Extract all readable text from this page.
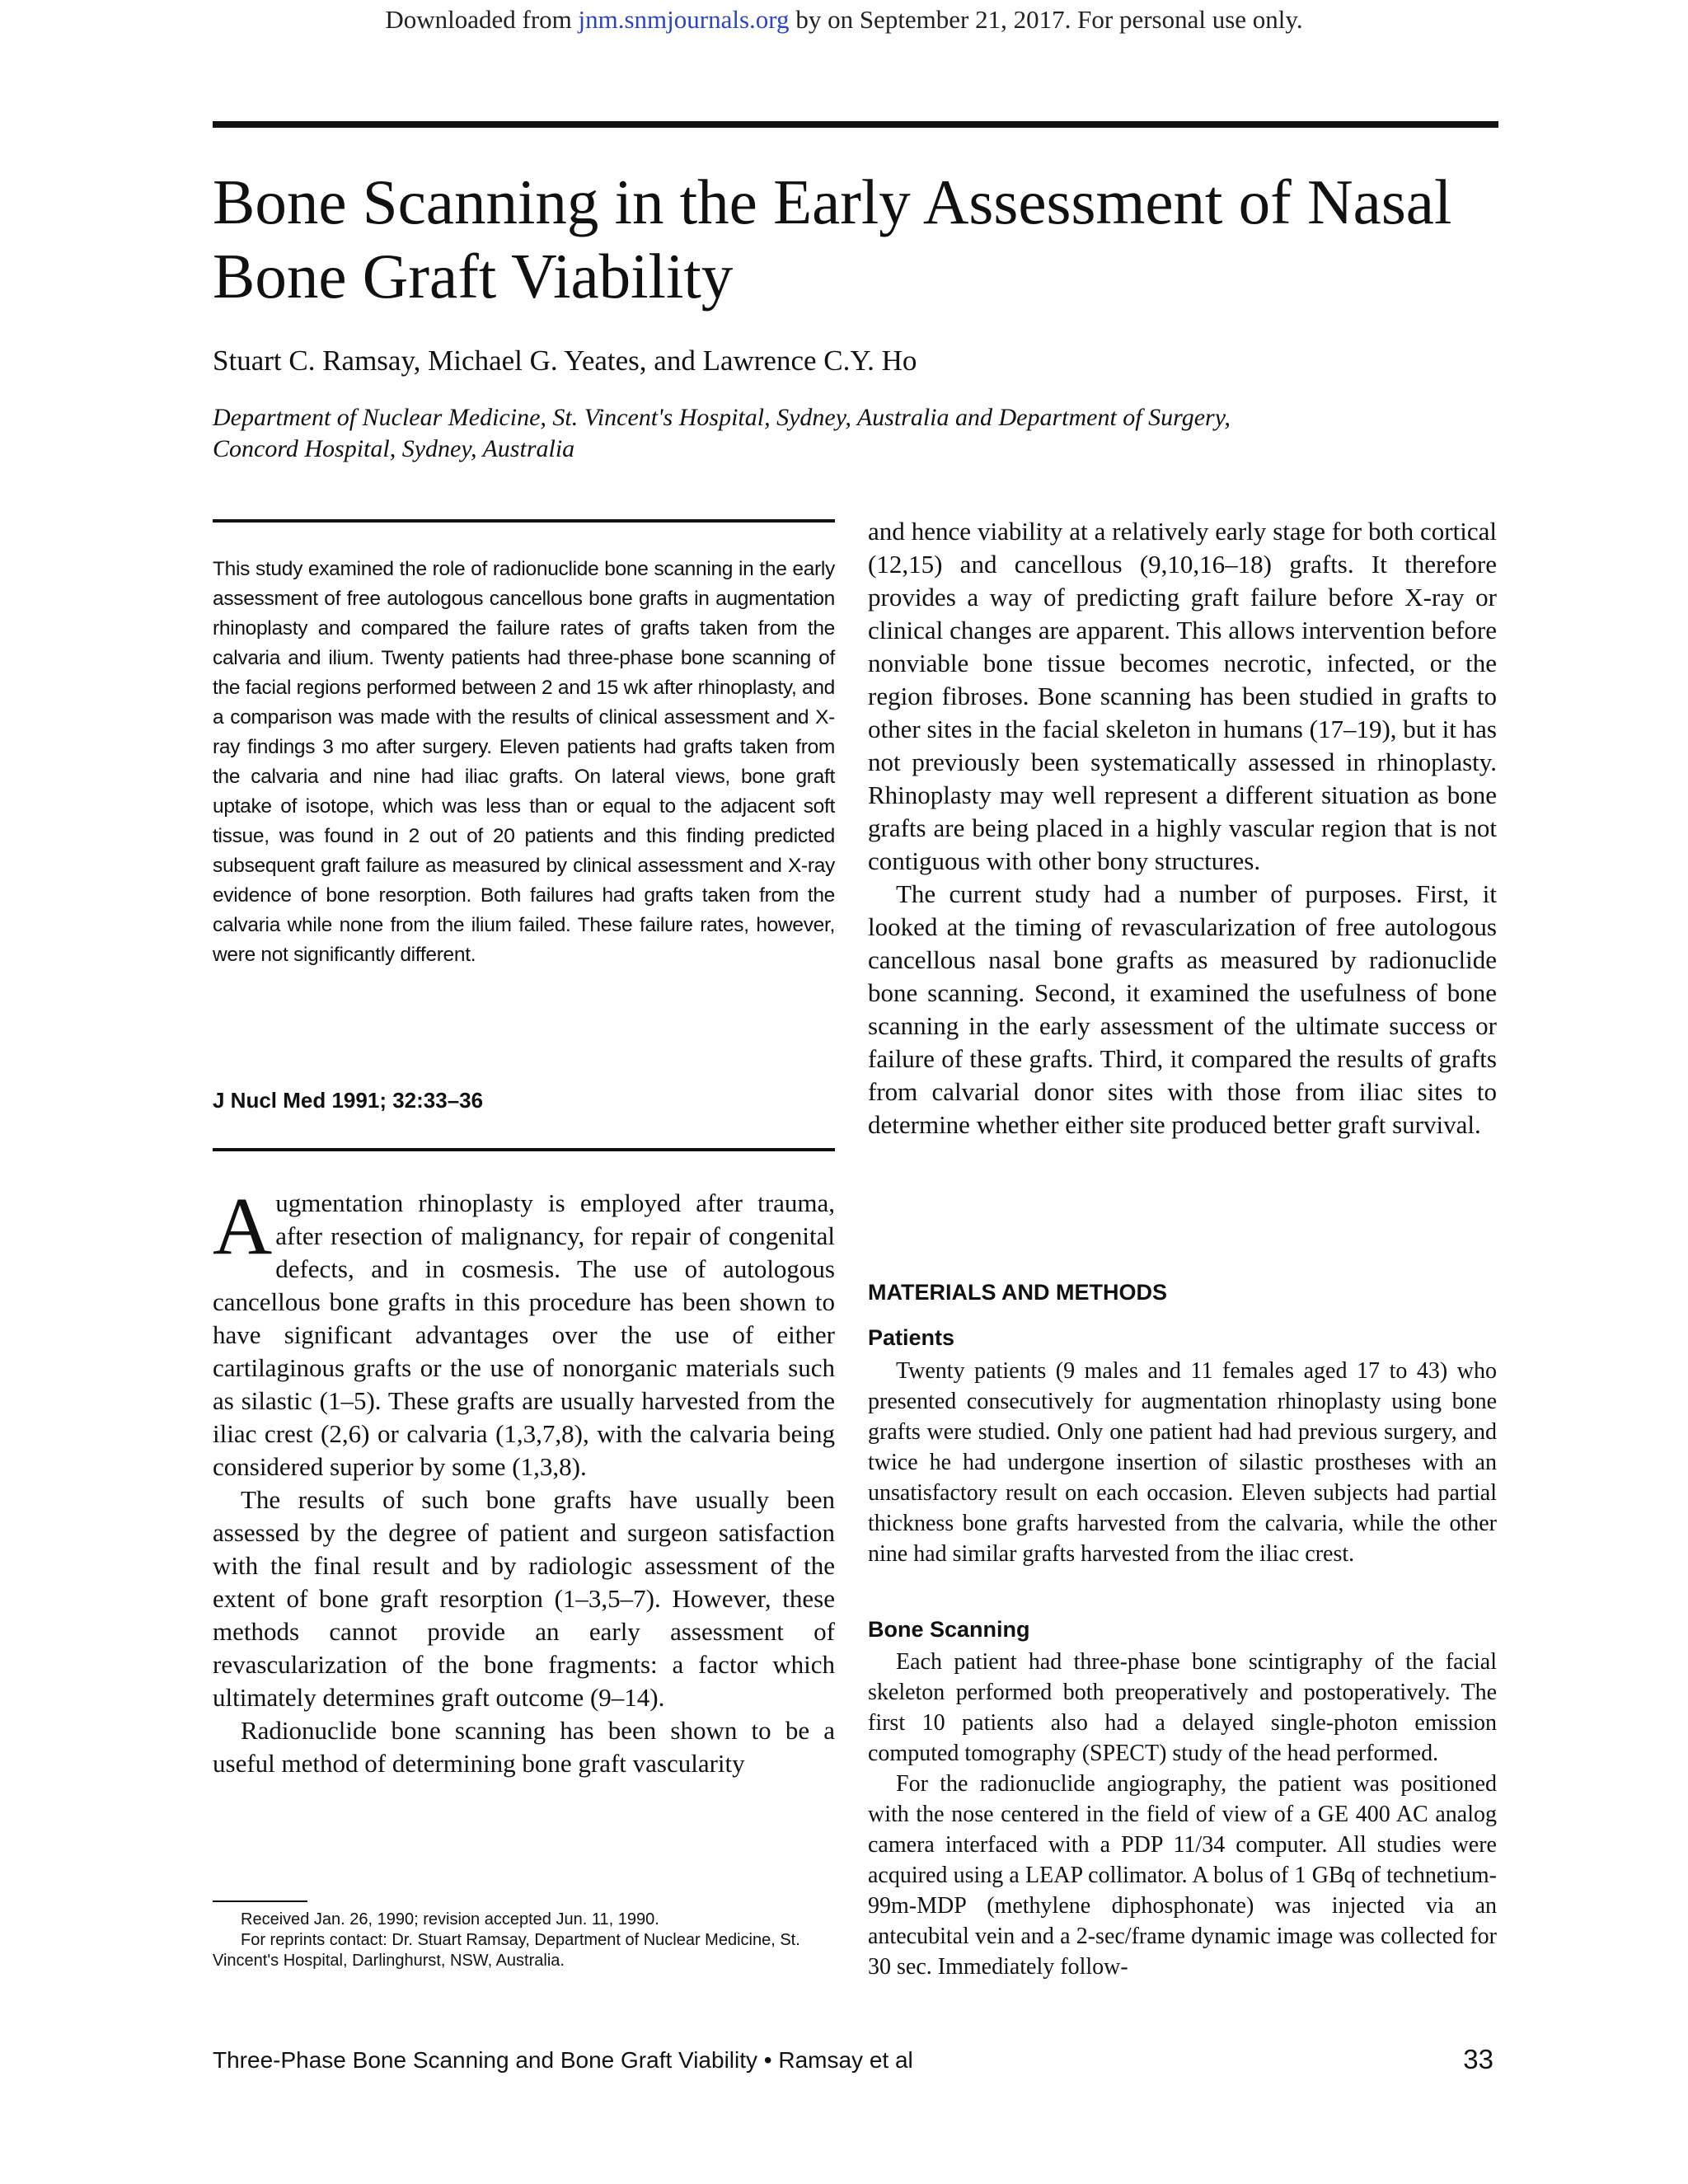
Downloaded from jnm.snmjournals.org by on September 21, 2017. For personal use only.
Bone Scanning in the Early Assessment of Nasal Bone Graft Viability
Stuart C. Ramsay, Michael G. Yeates, and Lawrence C.Y. Ho
Department of Nuclear Medicine, St. Vincent's Hospital, Sydney, Australia and Department of Surgery,
Concord Hospital, Sydney, Australia

This study examined the role of radionuclide bone scanning in the early assessment of free autologous cancellous bone grafts in augmentation rhinoplasty and compared the failure rates of grafts taken from the calvaria and ilium. Twenty patients had three-phase bone scanning of the facial regions performed between 2 and 15 wk after rhinoplasty, and a comparison was made with the results of clinical assessment and X-ray findings 3 mo after surgery. Eleven patients had grafts taken from the calvaria and nine had iliac grafts. On lateral views, bone graft uptake of isotope, which was less than or equal to the adjacent soft tissue, was found in 2 out of 20 patients and this finding predicted subsequent graft failure as measured by clinical assessment and X-ray evidence of bone resorption. Both failures had grafts taken from the calvaria while none from the ilium failed. These failure rates, however, were not significantly different.

J Nucl Med 1991; 32:33–36

Augmentation rhinoplasty is employed after trauma, after resection of malignancy, for repair of congenital defects, and in cosmesis. The use of autologous cancellous bone grafts in this procedure has been shown to have significant advantages over the use of either cartilaginous grafts or the use of nonorganic materials such as silastic (1–5). These grafts are usually harvested from the iliac crest (2,6) or calvaria (1,3,7,8), with the calvaria being considered superior by some (1,3,8).

The results of such bone grafts have usually been assessed by the degree of patient and surgeon satisfaction with the final result and by radiologic assessment of the extent of bone graft resorption (1–3,5–7). However, these methods cannot provide an early assessment of revascularization of the bone fragments: a factor which ultimately determines graft outcome (9–14).

Radionuclide bone scanning has been shown to be a useful method of determining bone graft vascularity

Received Jan. 26, 1990; revision accepted Jun. 11, 1990.

For reprints contact: Dr. Stuart Ramsay, Department of Nuclear Medicine, St. Vincent's Hospital, Darlinghurst, NSW, Australia.

and hence viability at a relatively early stage for both cortical (12,15) and cancellous (9,10,16–18) grafts. It therefore provides a way of predicting graft failure before X-ray or clinical changes are apparent. This allows intervention before nonviable bone tissue becomes necrotic, infected, or the region fibroses. Bone scanning has been studied in grafts to other sites in the facial skeleton in humans (17–19), but it has not previously been systematically assessed in rhinoplasty. Rhinoplasty may well represent a different situation as bone grafts are being placed in a highly vascular region that is not contiguous with other bony structures.

The current study had a number of purposes. First, it looked at the timing of revascularization of free autologous cancellous nasal bone grafts as measured by radionuclide bone scanning. Second, it examined the usefulness of bone scanning in the early assessment of the ultimate success or failure of these grafts. Third, it compared the results of grafts from calvarial donor sites with those from iliac sites to determine whether either site produced better graft survival.

MATERIALS AND METHODS
Patients

Twenty patients (9 males and 11 females aged 17 to 43) who presented consecutively for augmentation rhinoplasty using bone grafts were studied. Only one patient had had previous surgery, and twice he had undergone insertion of silastic prostheses with an unsatisfactory result on each occasion. Eleven subjects had partial thickness bone grafts harvested from the calvaria, while the other nine had similar grafts harvested from the iliac crest.

Bone Scanning

Each patient had three-phase bone scintigraphy of the facial skeleton performed both preoperatively and postoperatively. The first 10 patients also had a delayed single-photon emission computed tomography (SPECT) study of the head performed.

For the radionuclide angiography, the patient was positioned with the nose centered in the field of view of a GE 400 AC analog camera interfaced with a PDP 11/34 computer. All studies were acquired using a LEAP collimator. A bolus of 1 GBq of technetium-99m-MDP (methylene diphosphonate) was injected via an antecubital vein and a 2-sec/frame dynamic image was collected for 30 sec. Immediately follow-

Three-Phase Bone Scanning and Bone Graft Viability • Ramsay et al	33
